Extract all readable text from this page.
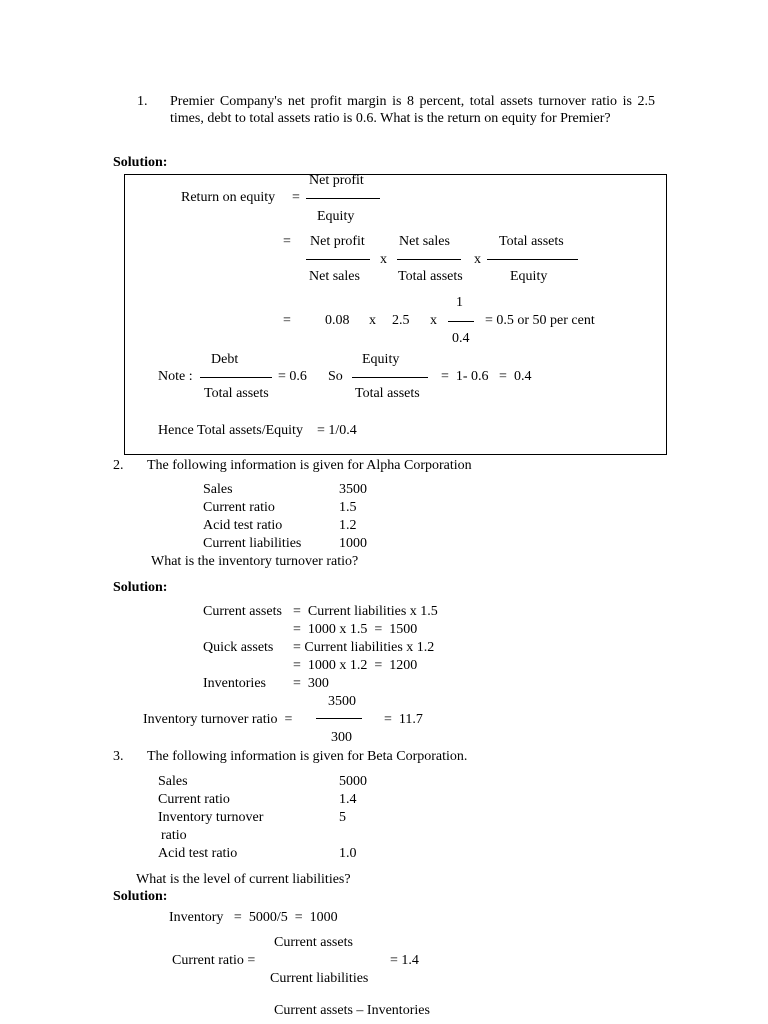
1. Premier Company's net profit margin is 8 percent, total assets turnover ratio is 2.5 times, debt to total assets ratio is 0.6. What is the return on equity for Premier?
Solution:
Return on equity =
Net profit
Equity
= Net profit
Net sales
x
Net sales
Total assets
x
Total assets
Equity
= 0.08 x 2.5 x
1
0.4
= 0.5 or 50 per cent
Note :
Debt
Total assets
= 0.6 So
Equity
Total assets
=  1- 0.6   =  0.4
Hence Total assets/Equity    = 1/0.4
2. The following information is given for Alpha Corporation
Sales	3500
Current ratio	1.5
Acid test ratio	1.2
Current liabilities	1000
What is the inventory turnover ratio?
Solution:
Current assets =  Current liabilities x 1.5
=  1000 x 1.5  =  1500
Quick assets = Current liabilities x 1.2
=  1000 x 1.2  =  1200
Inventories =  300
Inventory turnover ratio  =
3500
300
=  11.7
3. The following information is given for Beta Corporation.
Sales	5000
Current ratio	1.4
Inventory turnover	5
ratio
Acid test ratio	1.0
What is the level of current liabilities?
Solution:
Inventory   =  5000/5  =  1000
Current assets
Current ratio =
Current liabilities
= 1.4
Current assets – Inventories
